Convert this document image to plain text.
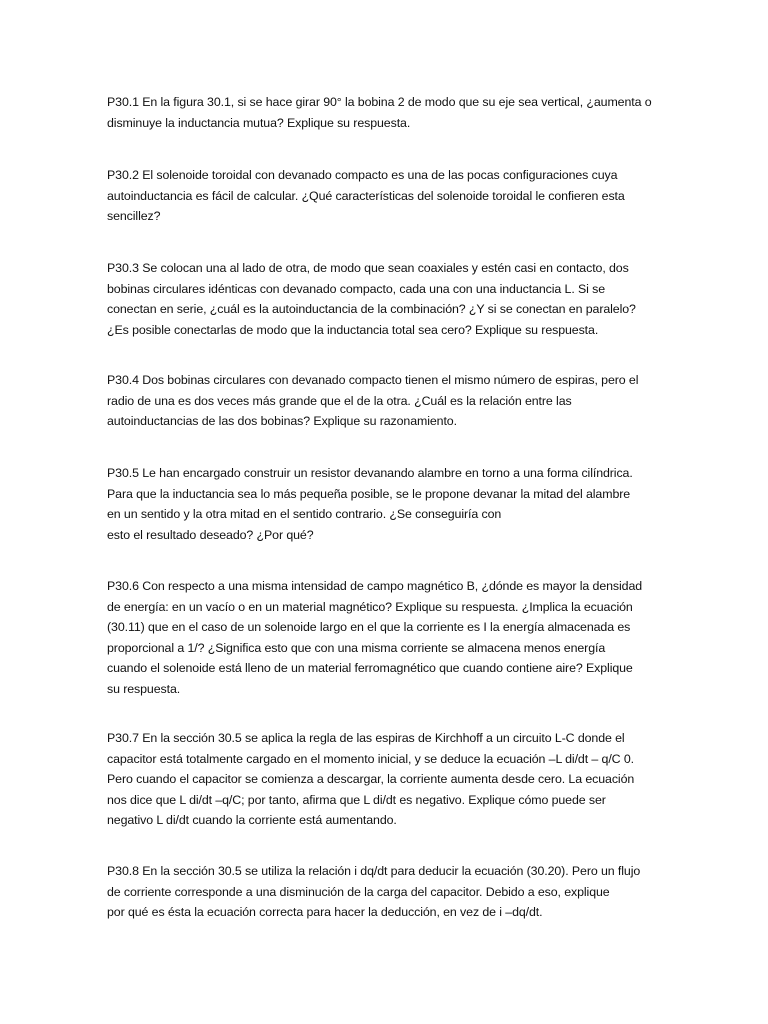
P30.1 En la figura 30.1, si se hace girar 90° la bobina 2 de modo que su eje sea vertical, ¿aumenta o
disminuye la inductancia mutua? Explique su respuesta.
P30.2 El solenoide toroidal con devanado compacto es una de las pocas configuraciones cuya
autoinductancia es fácil de calcular. ¿Qué características del solenoide toroidal le confieren esta
sencillez?
P30.3 Se colocan una al lado de otra, de modo que sean coaxiales y estén casi en contacto, dos
bobinas circulares idénticas con devanado compacto, cada una con una inductancia L. Si se
conectan en serie, ¿cuál es la autoinductancia de la combinación? ¿Y si se conectan en paralelo?
¿Es posible conectarlas de modo que la inductancia total sea cero? Explique su respuesta.
P30.4 Dos bobinas circulares con devanado compacto tienen el mismo número de espiras, pero el
radio de una es dos veces más grande que el de la otra. ¿Cuál es la relación entre las
autoinductancias de las dos bobinas? Explique su razonamiento.
P30.5 Le han encargado construir un resistor devanando alambre en torno a una forma cilíndrica.
Para que la inductancia sea lo más pequeña posible, se le propone devanar la mitad del alambre
en un sentido y la otra mitad en el sentido contrario. ¿Se conseguiría con
esto el resultado deseado? ¿Por qué?
P30.6 Con respecto a una misma intensidad de campo magnético B, ¿dónde es mayor la densidad
de energía: en un vacío o en un material magnético? Explique su respuesta. ¿Implica la ecuación
(30.11) que en el caso de un solenoide largo en el que la corriente es I la energía almacenada es
proporcional a 1/? ¿Significa esto que con una misma corriente se almacena menos energía
cuando el solenoide está lleno de un material ferromagnético que cuando contiene aire? Explique
su respuesta.
P30.7 En la sección 30.5 se aplica la regla de las espiras de Kirchhoff a un circuito L-C donde el
capacitor está totalmente cargado en el momento inicial, y se deduce la ecuación –L di/dt – q/C 0.
Pero cuando el capacitor se comienza a descargar, la corriente aumenta desde cero. La ecuación
nos dice que L di/dt –q/C; por tanto, afirma que L di/dt es negativo. Explique cómo puede ser
negativo L di/dt cuando la corriente está aumentando.
P30.8 En la sección 30.5 se utiliza la relación i dq/dt para deducir la ecuación (30.20). Pero un flujo
de corriente corresponde a una disminución de la carga del capacitor. Debido a eso, explique
por qué es ésta la ecuación correcta para hacer la deducción, en vez de i –dq/dt.
